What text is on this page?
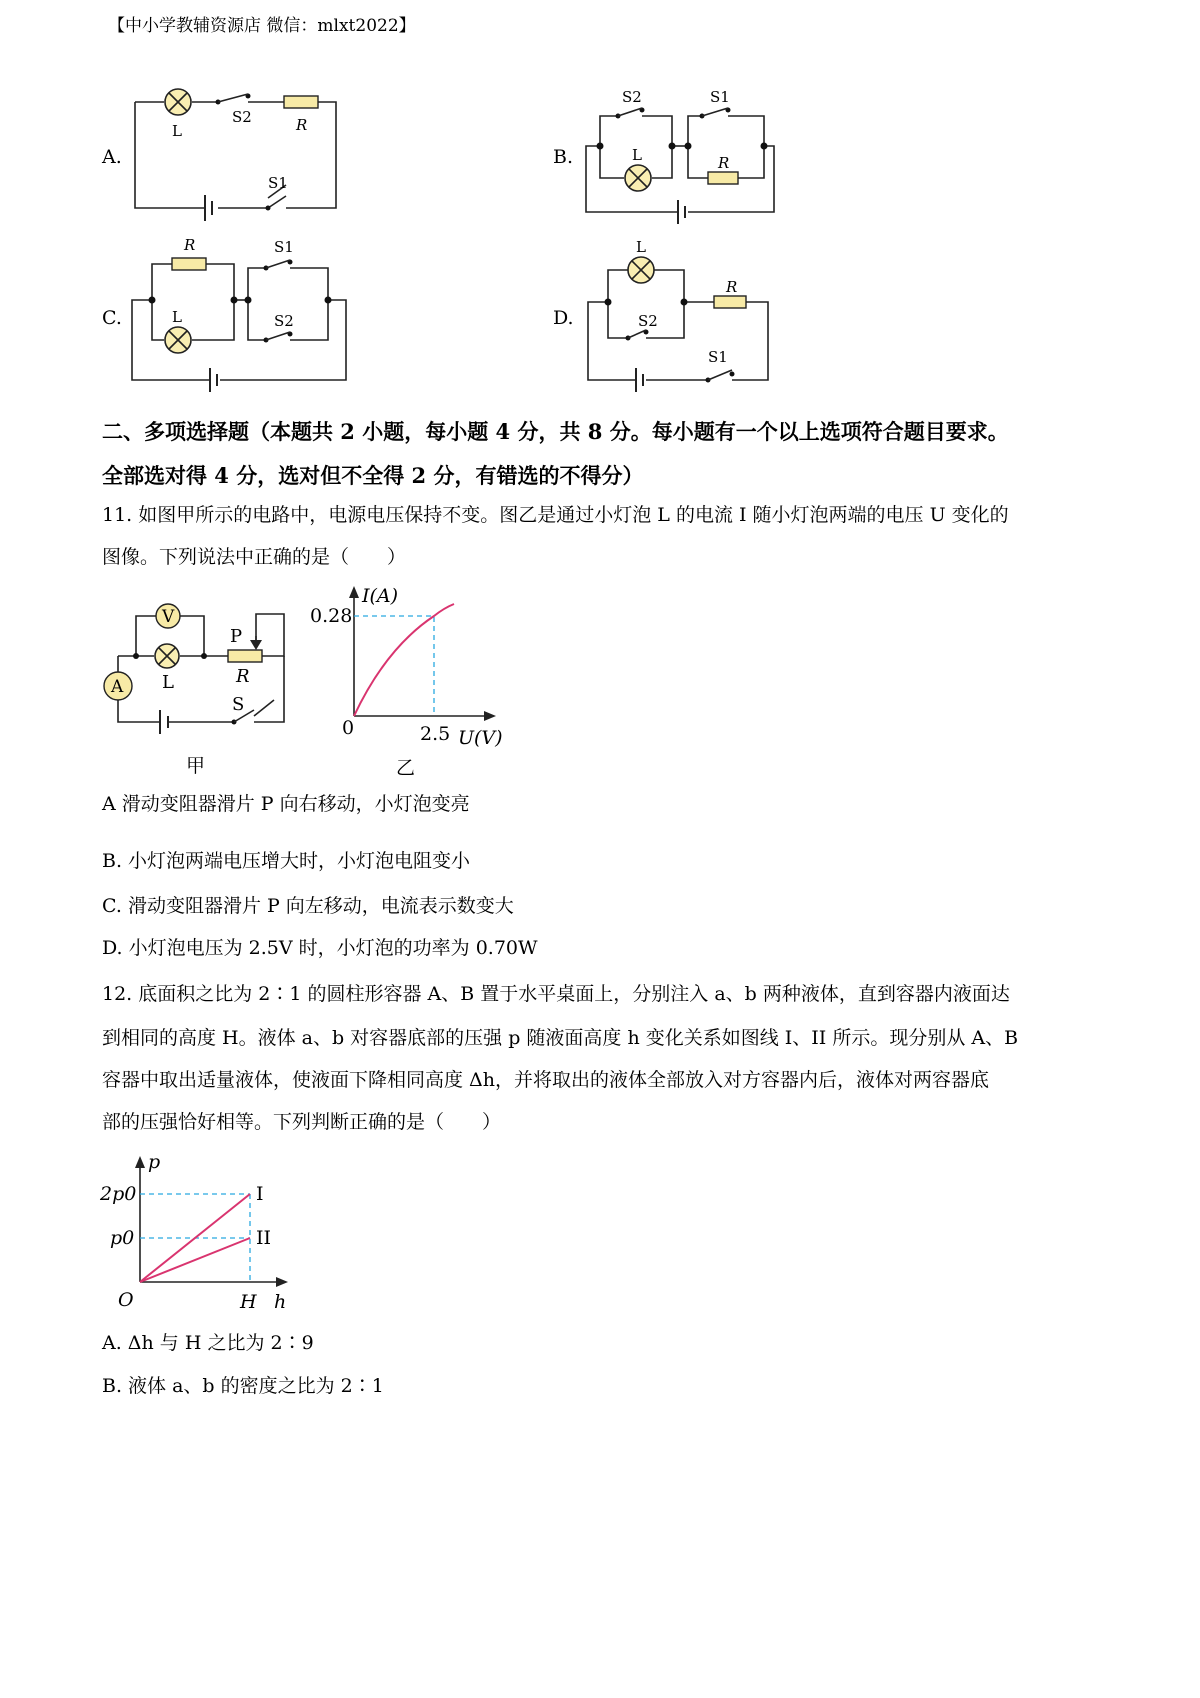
【中小学教辅资源店 微信：mlxt2022】
A.
L
S2	R
S1
B.
S2	S1
L	R
C.
R
L
S1
S2	D.
L
S2
R
S1
二、多项选择题（本题共 2 小题，每小题 4 分，共 8 分。每小题有一个以上选项符合题目要求。
全部选对得 4 分，选对但不全得 2 分，有错选的不得分）
11. 如图甲所示的电路中，电源电压保持不变。图乙是通过小灯泡 L 的电流 I 随小灯泡两端的电压 U 变化的
图像。下列说法中正确的是（　　）
V
A L
P
R
S
甲
I(A)
0.28
0	2.5 U(V)
乙
A 滑动变阻器滑片 P 向右移动，小灯泡变亮
B. 小灯泡两端电压增大时，小灯泡电阻变小
C. 滑动变阻器滑片 P 向左移动，电流表示数变大
D. 小灯泡电压为 2.5V 时，小灯泡的功率为 0.70W
12. 底面积之比为 2∶1 的圆柱形容器 A、B 置于水平桌面上，分别注入 a、b 两种液体，直到容器内液面达
到相同的高度 H。液体 a、b 对容器底部的压强 p 随液面高度 h 变化关系如图线 I、II 所示。现分别从 A、B
容器中取出适量液体，使液面下降相同高度 Δh，并将取出的液体全部放入对方容器内后，液体对两容器底
部的压强恰好相等。下列判断正确的是（　　）
p
2p0
p0
O	H h
I
II
A. Δh 与 H 之比为 2∶9
B. 液体 a、b 的密度之比为 2∶1
